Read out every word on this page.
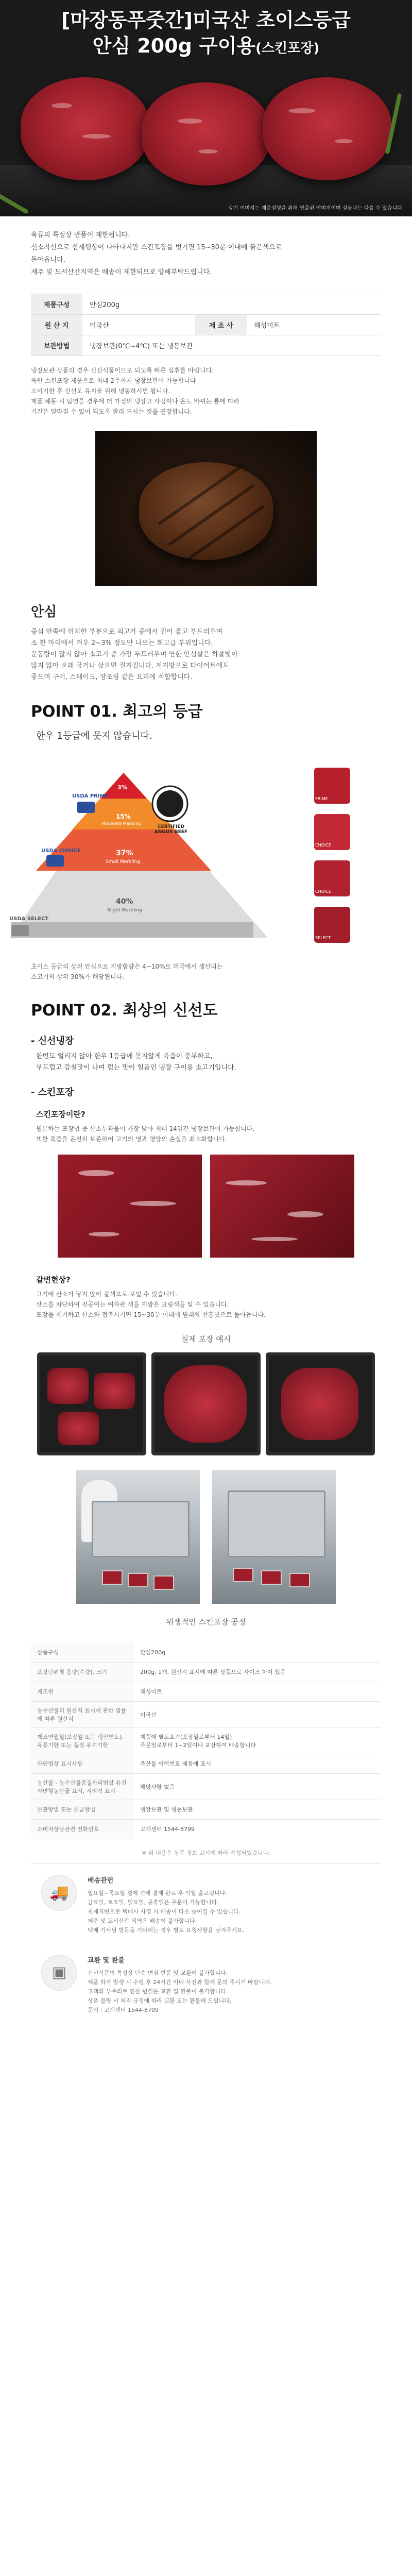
[마장동푸줏간]미국산 초이스등급
안심 200g 구이용(스킨포장)
상기 이미지는 제품설명을 위해 연출된 이미지이며 실물과는 다를 수 있습니다.

육류의 특성상 반품이 제한됩니다.

신소착신으로 섬세행상이 나타나지만 스킨포장을 벗기면 15~30분 이내에 붉은색으로

돌아옵니다.

제주 및 도서산간지역은 배송이 제한되므로 양해부탁드립니다.

제품구성	안심200g		
원 산 지	미국산	제 조 사	해성미트
보관방법	냉장보관(0℃~4℃) 또는 냉동보관		

냉장보관 상품의 경우 신선식품이므로 되도록 빠른 섭취를 바랍니다.

육안 스킨포장 제품으로 최대 2주까지 냉장보관이 가능합니다

소비기한 후 신선도 유지를 위해 냉동하시면 됩니다.

제품 해동 시 탑면을 경우에 더 가정의 냉장고 사정이나 온도 바뀌는 통에 따라

기간은 달라질 수 있어 되도록 빨리 드시는 것을 권장합니다.

안심

중심 안쪽에 위치한 부분으로 최고가 중에서 질이 좋고 부드러우며

소 한 마리에서 겨우 2~3% 정도만 나오는 희고급 부위입니다.

운동량이 많지 않아 소고기 중 가장 부드러우며 연한 안심살은 하졸빛이

많지 않아 오래 굽거나 삶으면 질겨집니다. 저지방으로 다이어트에도

좋으며 구이, 스테이크, 장조림 같은 요리에 적합합니다.

POINT 01. 최고의 등급
한우 1등급에 못지 않습니다.
USDA PRIME
USDA CHOICE
USDA SELECT
CERTIFIED ANGUS BEEF
3%
15%
Moderate Marbling
37%
Small Marbling
40%
Slight Marbling
PRIME
CHOICE
CHOICE
SELECT

초이스 등급의 상위 안심으로 지방함량은 4~10%로 미국에서 생산되는

소고기의 상위 30%가 해당됩니다.

POINT 02. 최상의 신선도
- 신선냉장

한번도 얼리지 않아 한우 1등급에 못지않게 육즙이 풍부하고,

부드럽고 감칠맛이 나며 럽는 맛이 일품인 냉장 구이용 소고기입니다.

- 스킨포장
스킨포장이란?

원본하는 포장법 중 산소투과율이 가장 낮아 최대 14일간 냉장보관이 가능합니다.

또한 육즙을 온전히 보존하여 고기의 영과 영양의 손실을 최소화합니다.

갈변현상?

고기에 산소가 닿지 않아 갈색으로 보일 수 있습니다.

산소를 차단하여 진공이는 여자관 색을 지방은 크링색을 띨 수 있습니다.

포장을 제거하고 산소와 접촉시키면 15~30분 이내에 원래의 선홍빛으로 돌아옵니다.

실제 포장 예시
위생적인 스킨포장 공정
상품구성	안심200g
포장단위별 용량(수량), 크기	200g, 1개, 원산지 표시에 따른 상품으로 사이즈 차이 있음
제조원	해성미트
농수산물의 원산지 표시에 관한 법률에 따른 원산지	미국산
제조연월일(포장일 또는 생산연도), 유통기한 또는 품질 유지기한	제품에 별도표기(포장일로부터 14일)
주문일로부터 1~2일이내 포장하여 배송합니다
관련법상 표시사항	축산물 이력번호 제품에 표시
농산물 - 농수산물품질관리법상 유전자변형농산물 표시, 지리적 표시	해당사항 없음
보관방법 또는 취급방법	냉장보관 및 냉동보관
소비자상담관련 전화번호	고객센터 1544-8799
※ 위 내용은 상품 정보 고시에 따라 작성되었습니다.
🚚
배송관련

월요일~목요일 결제 건에 결제 완료 후 익일 출고됩니다.

금요일, 토요일, 일요일, 공휴일은 주문이 가능합니다.

천재지변으로 택배사 사정 시 배송이 다소 늦어질 수 있습니다.

제주 및 도서산간 지역은 배송이 불가합니다.

택배 기사님 방문을 기다리는 경우 별도 요청사항을 남겨주세요.

▣
교환 및 환불

신선식품의 특성상 단순 변심 반품 및 교환이 불가합니다.

제품 하자 발생 시 수령 후 24시간 이내 사진과 함께 문의 주시기 바랍니다.

고객의 부주의로 인한 변질은 교환 및 환불이 불가합니다.

상품 불량 시 처리 규정에 따라 교환 또는 환불해 드립니다.

문의 : 고객센터 1544-8799
